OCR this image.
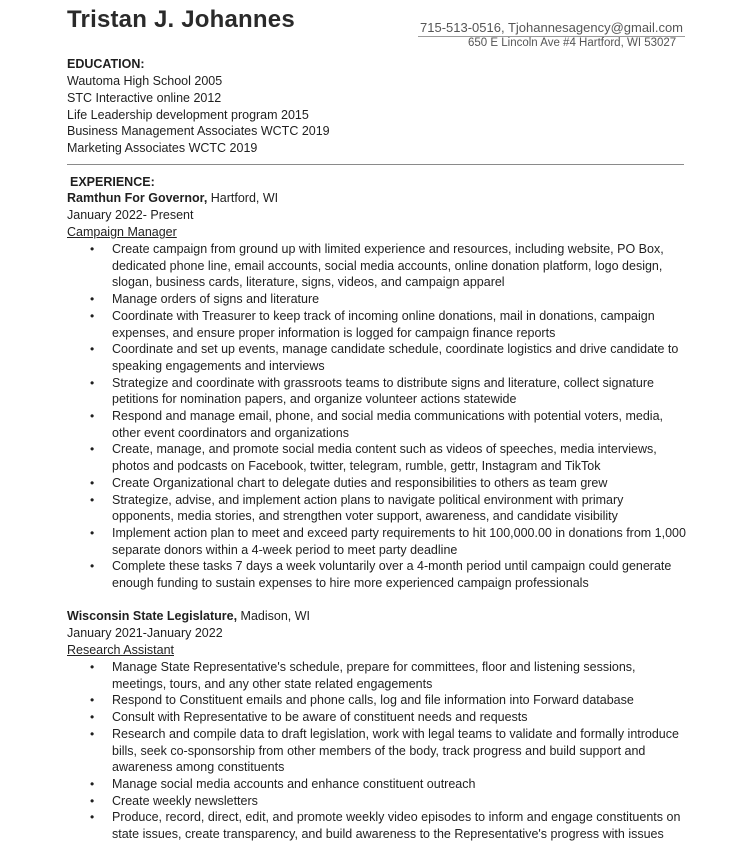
Tristan J. Johannes	715-513-0516, Tjohannesagency@gmail.com
650 E Lincoln Ave #4 Hartford, WI 53027
EDUCATION:
Wautoma High School 2005
STC Interactive online 2012
Life Leadership development program 2015
Business Management Associates WCTC 2019
Marketing Associates WCTC 2019
EXPERIENCE:
Ramthun For Governor, Hartford, WI
January 2022- Present
Campaign Manager
• Create campaign from ground up with limited experience and resources, including website, PO Box, dedicated phone line, email accounts, social media accounts, online donation platform, logo design, slogan, business cards, literature, signs, videos, and campaign apparel
• Manage orders of signs and literature
• Coordinate with Treasurer to keep track of incoming online donations, mail in donations, campaign expenses, and ensure proper information is logged for campaign finance reports
• Coordinate and set up events, manage candidate schedule, coordinate logistics and drive candidate to speaking engagements and interviews
• Strategize and coordinate with grassroots teams to distribute signs and literature, collect signature petitions for nomination papers, and organize volunteer actions statewide
• Respond and manage email, phone, and social media communications with potential voters, media, other event coordinators and organizations
• Create, manage, and promote social media content such as videos of speeches, media interviews, photos and podcasts on Facebook, twitter, telegram, rumble, gettr, Instagram and TikTok
• Create Organizational chart to delegate duties and responsibilities to others as team grew
• Strategize, advise, and implement action plans to navigate political environment with primary opponents, media stories, and strengthen voter support, awareness, and candidate visibility
• Implement action plan to meet and exceed party requirements to hit 100,000.00 in donations from 1,000 separate donors within a 4-week period to meet party deadline
• Complete these tasks 7 days a week voluntarily over a 4-month period until campaign could generate enough funding to sustain expenses to hire more experienced campaign professionals
Wisconsin State Legislature, Madison, WI
January 2021-January 2022
Research Assistant
• Manage State Representative's schedule, prepare for committees, floor and listening sessions, meetings, tours, and any other state related engagements
• Respond to Constituent emails and phone calls, log and file information into Forward database
• Consult with Representative to be aware of constituent needs and requests
• Research and compile data to draft legislation, work with legal teams to validate and formally introduce bills, seek co-sponsorship from other members of the body, track progress and build support and awareness among constituents
• Manage social media accounts and enhance constituent outreach
• Create weekly newsletters
• Produce, record, direct, edit, and promote weekly video episodes to inform and engage constituents on state issues, create transparency, and build awareness to the Representative's progress with issues
